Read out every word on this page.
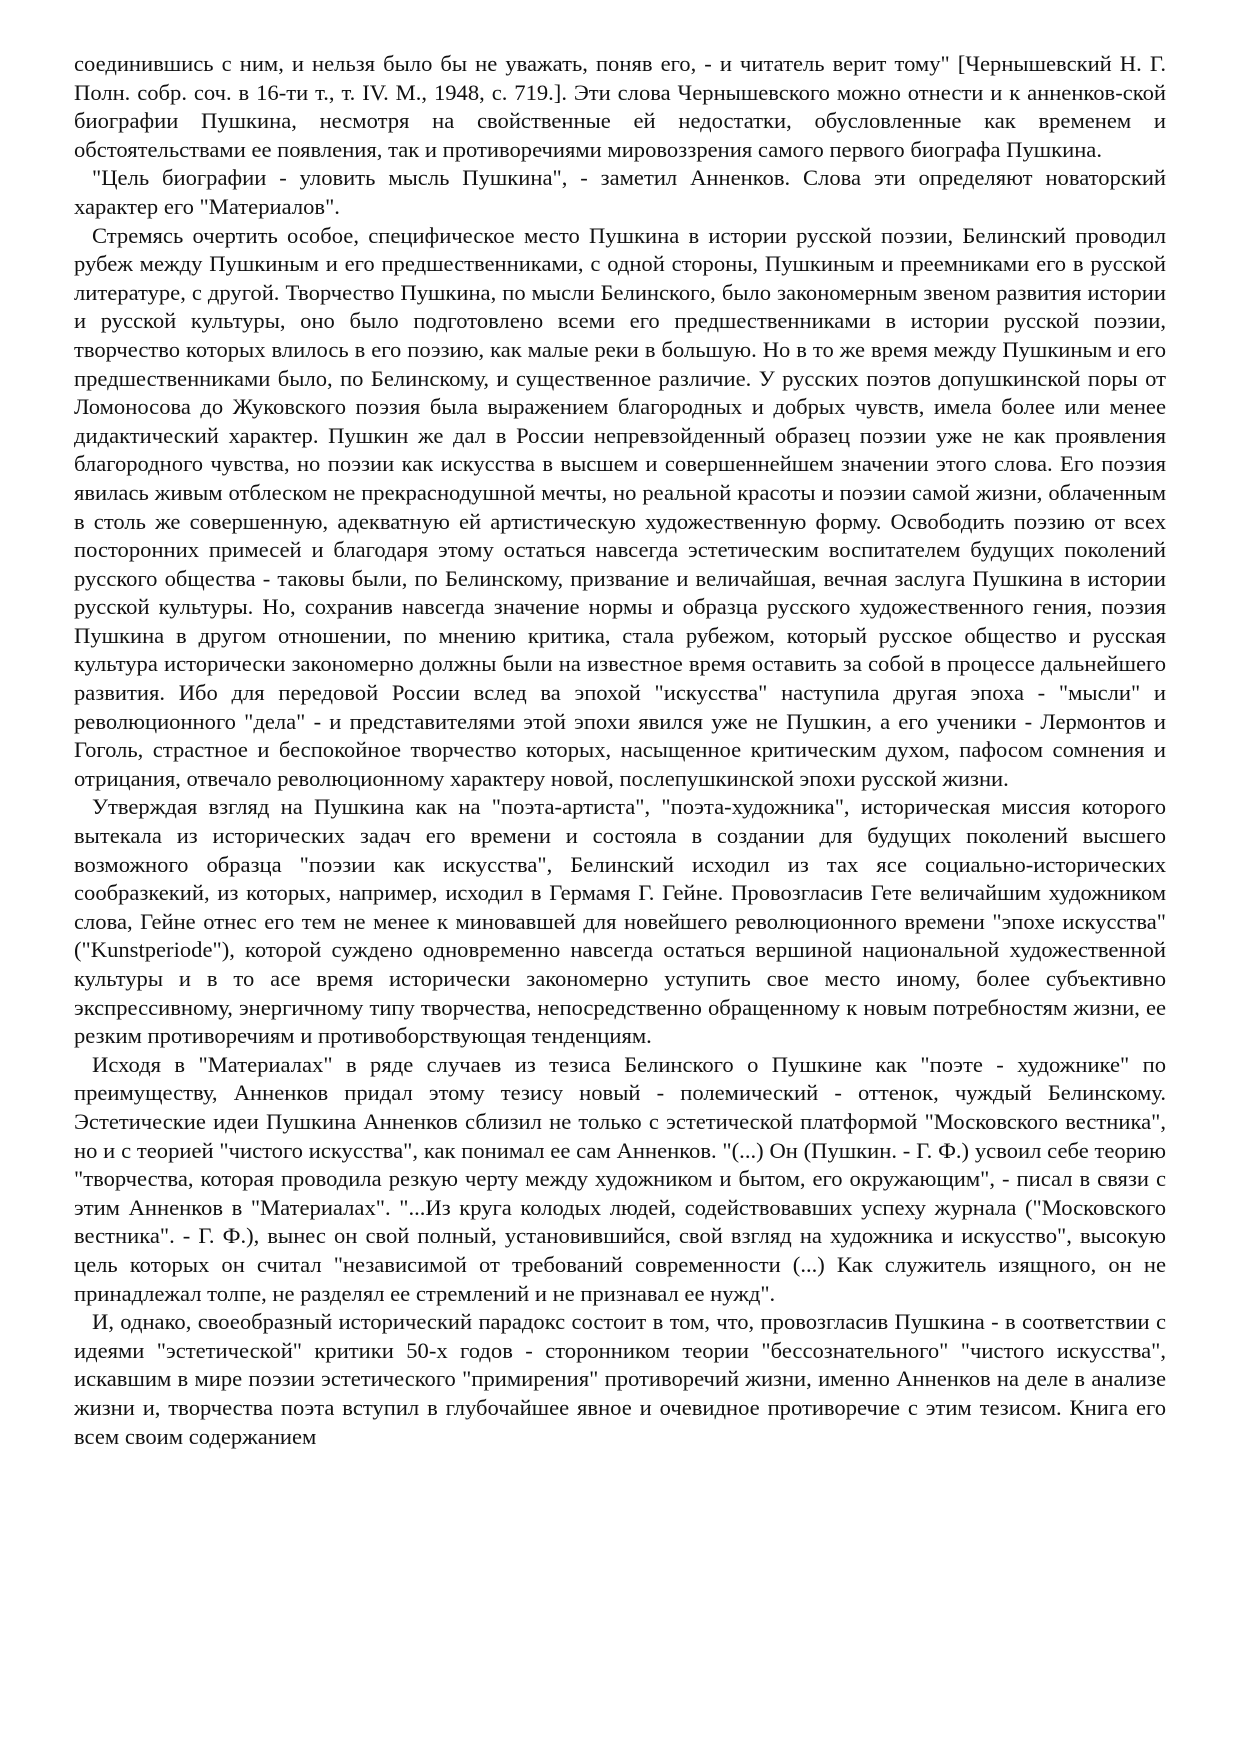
соединившись с ним, и нельзя было бы не уважать, поняв его, - и читатель верит тому" [Чернышевский Н. Г. Полн. собр. соч. в 16-ти т., т. IV. М., 1948, с. 719.]. Эти слова Чернышевского можно отнести и к анненков-ской биографии Пушкина, несмотря на свойственные ей недостатки, обусловленные как временем и обстоятельствами ее появления, так и противоречиями мировоззрения самого первого биографа Пушкина.

"Цель биографии - уловить мысль Пушкина", - заметил Анненков. Слова эти определяют новаторский характер его "Материалов".

Стремясь очертить особое, специфическое место Пушкина в истории русской поэзии, Белинский проводил рубеж между Пушкиным и его предшественниками, с одной стороны, Пушкиным и преемниками его в русской литературе, с другой. Творчество Пушкина, по мысли Белинского, было закономерным звеном развития истории и русской культуры, оно было подготовлено всеми его предшественниками в истории русской поэзии, творчество которых влилось в его поэзию, как малые реки в большую. Но в то же время между Пушкиным и его предшественниками было, по Белинскому, и существенное различие. У русских поэтов допушкинской поры от Ломоносова до Жуковского поэзия была выражением благородных и добрых чувств, имела более или менее дидактический характер. Пушкин же дал в России непревзойденный образец поэзии уже не как проявления благородного чувства, но поэзии как искусства в высшем и совершеннейшем значении этого слова. Его поэзия явилась живым отблеском не прекраснодушной мечты, но реальной красоты и поэзии самой жизни, облаченным в столь же совершенную, адекватную ей артистическую художественную форму. Освободить поэзию от всех посторонних примесей и благодаря этому остаться навсегда эстетическим воспитателем будущих поколений русского общества - таковы были, по Белинскому, призвание и величайшая, вечная заслуга Пушкина в истории русской культуры. Но, сохранив навсегда значение нормы и образца русского художественного гения, поэзия Пушкина в другом отношении, по мнению критика, стала рубежом, который русское общество и русская культура исторически закономерно должны были на известное время оставить за собой в процессе дальнейшего развития. Ибо для передовой России вслед ва эпохой "искусства" наступила другая эпоха - "мысли" и революционного "дела" - и представителями этой эпохи явился уже не Пушкин, а его ученики - Лермонтов и Гоголь, страстное и беспокойное творчество которых, насыщенное критическим духом, пафосом сомнения и отрицания, отвечало революционному характеру новой, послепушкинской эпохи русской жизни.

Утверждая взгляд на Пушкина как на "поэта-артиста", "поэта-художника", историческая миссия которого вытекала из исторических задач его времени и состояла в создании для будущих поколений высшего возможного образца "поэзии как искусства", Белинский исходил из тах ясе социально-исторических сообразкекий, из которых, например, исходил в Гермамя Г. Гейне. Провозгласив Гете величайшим художником слова, Гейне отнес его тем не менее к миновавшей для новейшего революционного времени "эпохе искусства" ("Kunstperiode"), которой суждено одновременно навсегда остаться вершиной национальной художественной культуры и в то асе время исторически закономерно уступить свое место иному, более субъективно экспрессивному, энергичному типу творчества, непосредственно обращенному к новым потребностям жизни, ее резким противоречиям и противоборствующая тенденциям.

Исходя в "Материалах" в ряде случаев из тезиса Белинского о Пушкине как "поэте - художнике" по преимуществу, Анненков придал этому тезису новый - полемический - оттенок, чуждый Белинскому. Эстетические идеи Пушкина Анненков сблизил не только с эстетической платформой "Московского вестника", но и с теорией "чистого искусства", как понимал ее сам Анненков. "(...) Он (Пушкин. - Г. Ф.) усвоил себе теорию "творчества, которая проводила резкую черту между художником и бытом, его окружающим", - писал в связи с этим Анненков в "Материалах". "...Из круга колодых людей, содействовавших успеху журнала ("Московского вестника". - Г. Ф.), вынес он свой полный, установившийся, свой взгляд на художника и искусство", высокую цель которых он считал "независимой от требований современности (...) Как служитель изящного, он не принадлежал толпе, не разделял ее стремлений и не признавал ее нужд".

И, однако, своеобразный исторический парадокс состоит в том, что, провозгласив Пушкина - в соответствии с идеями "эстетической" критики 50-х годов - сторонником теории "бессознательного" "чистого искусства", искавшим в мире поэзии эстетического "примирения" противоречий жизни, именно Анненков на деле в анализе жизни и, творчества поэта вступил в глубочайшее явное и очевидное противоречие с этим тезисом. Книга его всем своим содержанием
